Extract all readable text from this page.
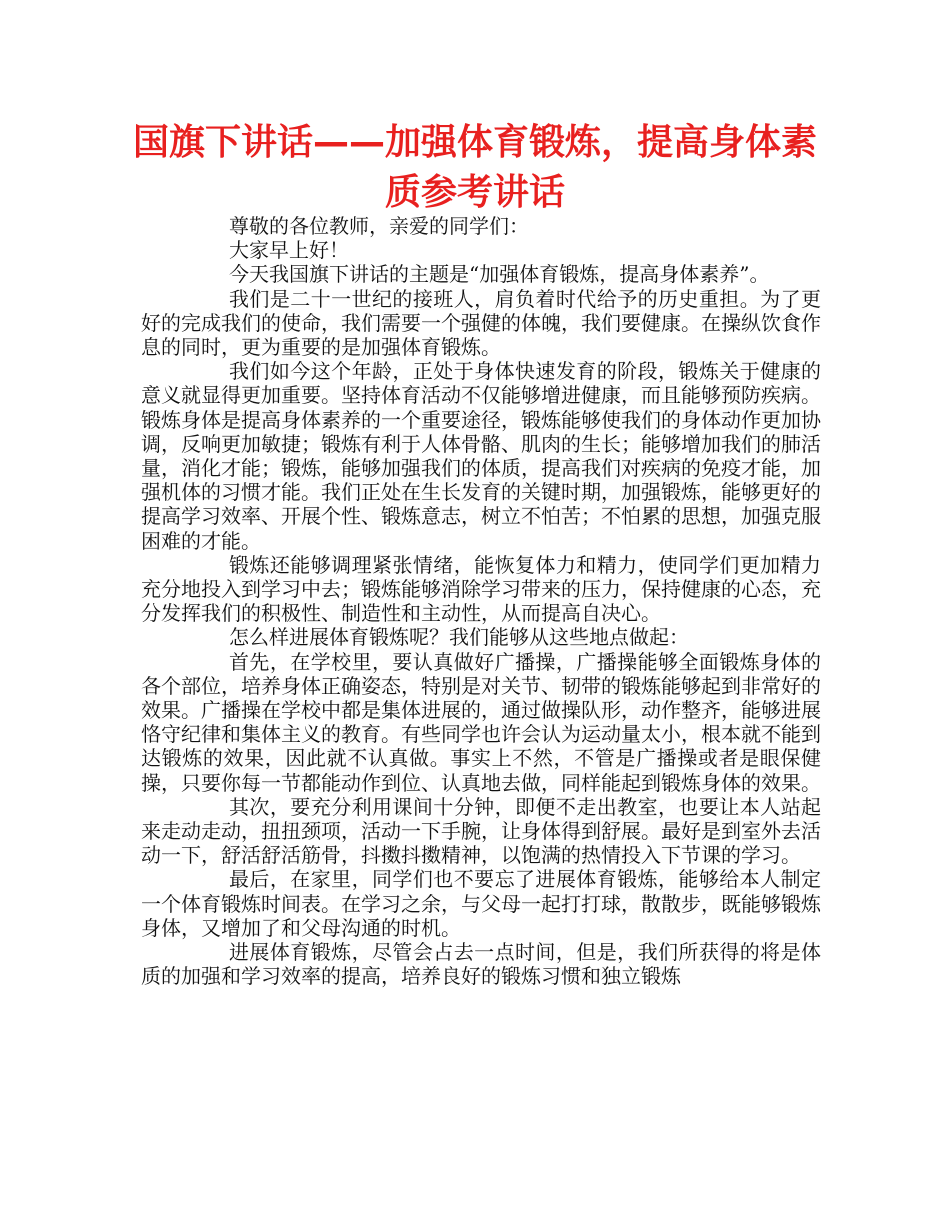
国旗下讲话——加强体育锻炼，提高身体素质参考讲话

尊敬的各位教师，亲爱的同学们：

大家早上好！

今天我国旗下讲话的主题是“加强体育锻炼，提高身体素养”。

我们是二十一世纪的接班人，肩负着时代给予的历史重担。为了更好的完成我们的使命，我们需要一个强健的体魄，我们要健康。在操纵饮食作息的同时，更为重要的是加强体育锻炼。

我们如今这个年龄，正处于身体快速发育的阶段，锻炼关于健康的意义就显得更加重要。坚持体育活动不仅能够增进健康，而且能够预防疾病。锻炼身体是提高身体素养的一个重要途径，锻炼能够使我们的身体动作更加协调，反响更加敏捷；锻炼有利于人体骨骼、肌肉的生长；能够增加我们的肺活量，消化才能；锻炼，能够加强我们的体质，提高我们对疾病的免疫才能，加强机体的习惯才能。我们正处在生长发育的关键时期，加强锻炼，能够更好的提高学习效率、开展个性、锻炼意志，树立不怕苦；不怕累的思想，加强克服困难的才能。

锻炼还能够调理紧张情绪，能恢复体力和精力，使同学们更加精力充分地投入到学习中去；锻炼能够消除学习带来的压力，保持健康的心态，充分发挥我们的积极性、制造性和主动性，从而提高自决心。

怎么样进展体育锻炼呢？我们能够从这些地点做起：

首先，在学校里，要认真做好广播操，广播操能够全面锻炼身体的各个部位，培养身体正确姿态，特别是对关节、韧带的锻炼能够起到非常好的效果。广播操在学校中都是集体进展的，通过做操队形，动作整齐，能够进展恪守纪律和集体主义的教育。有些同学也许会认为运动量太小，根本就不能到达锻炼的效果，因此就不认真做。事实上不然，不管是广播操或者是眼保健操，只要你每一节都能动作到位、认真地去做，同样能起到锻炼身体的效果。

其次，要充分利用课间十分钟，即便不走出教室，也要让本人站起来走动走动，扭扭颈项，活动一下手腕，让身体得到舒展。最好是到室外去活动一下，舒活舒活筋骨，抖擞抖擞精神，以饱满的热情投入下节课的学习。

最后，在家里，同学们也不要忘了进展体育锻炼，能够给本人制定一个体育锻炼时间表。在学习之余，与父母一起打打球，散散步，既能够锻炼身体，又增加了和父母沟通的时机。

进展体育锻炼，尽管会占去一点时间，但是，我们所获得的将是体质的加强和学习效率的提高，培养良好的锻炼习惯和独立锻炼
